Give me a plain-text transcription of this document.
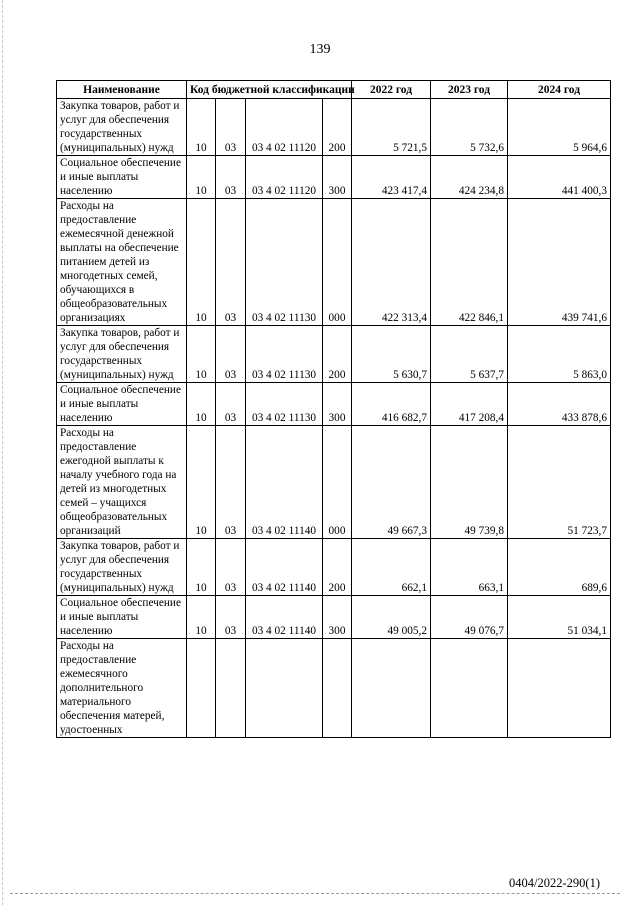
139
Наименование	Код бюджетной классификации				2022 год	2023 год	2024 год
Закупка товаров, работ и услуг для обеспечения государственных (муниципальных) нужд	10	03	03 4 02 11120	200	5 721,5	5 732,6	5 964,6
Социальное обеспечение и иные выплаты населению	10	03	03 4 02 11120	300	423 417,4	424 234,8	441 400,3
Расходы на предоставление ежемесячной денежной выплаты на обеспечение питанием детей из многодетных семей, обучающихся в общеобразовательных организациях	10	03	03 4 02 11130	000	422 313,4	422 846,1	439 741,6
Закупка товаров, работ и услуг для обеспечения государственных (муниципальных) нужд	10	03	03 4 02 11130	200	5 630,7	5 637,7	5 863,0
Социальное обеспечение и иные выплаты населению	10	03	03 4 02 11130	300	416 682,7	417 208,4	433 878,6
Расходы на предоставление ежегодной выплаты к началу учебного года на детей из многодетных семей – учащихся общеобразовательных организаций	10	03	03 4 02 11140	000	49 667,3	49 739,8	51 723,7
Закупка товаров, работ и услуг для обеспечения государственных (муниципальных) нужд	10	03	03 4 02 11140	200	662,1	663,1	689,6
Социальное обеспечение и иные выплаты населению	10	03	03 4 02 11140	300	49 005,2	49 076,7	51 034,1
Расходы на предоставление ежемесячного дополнительного материального обеспечения матерей, удостоенных							
0404/2022-290(1)
